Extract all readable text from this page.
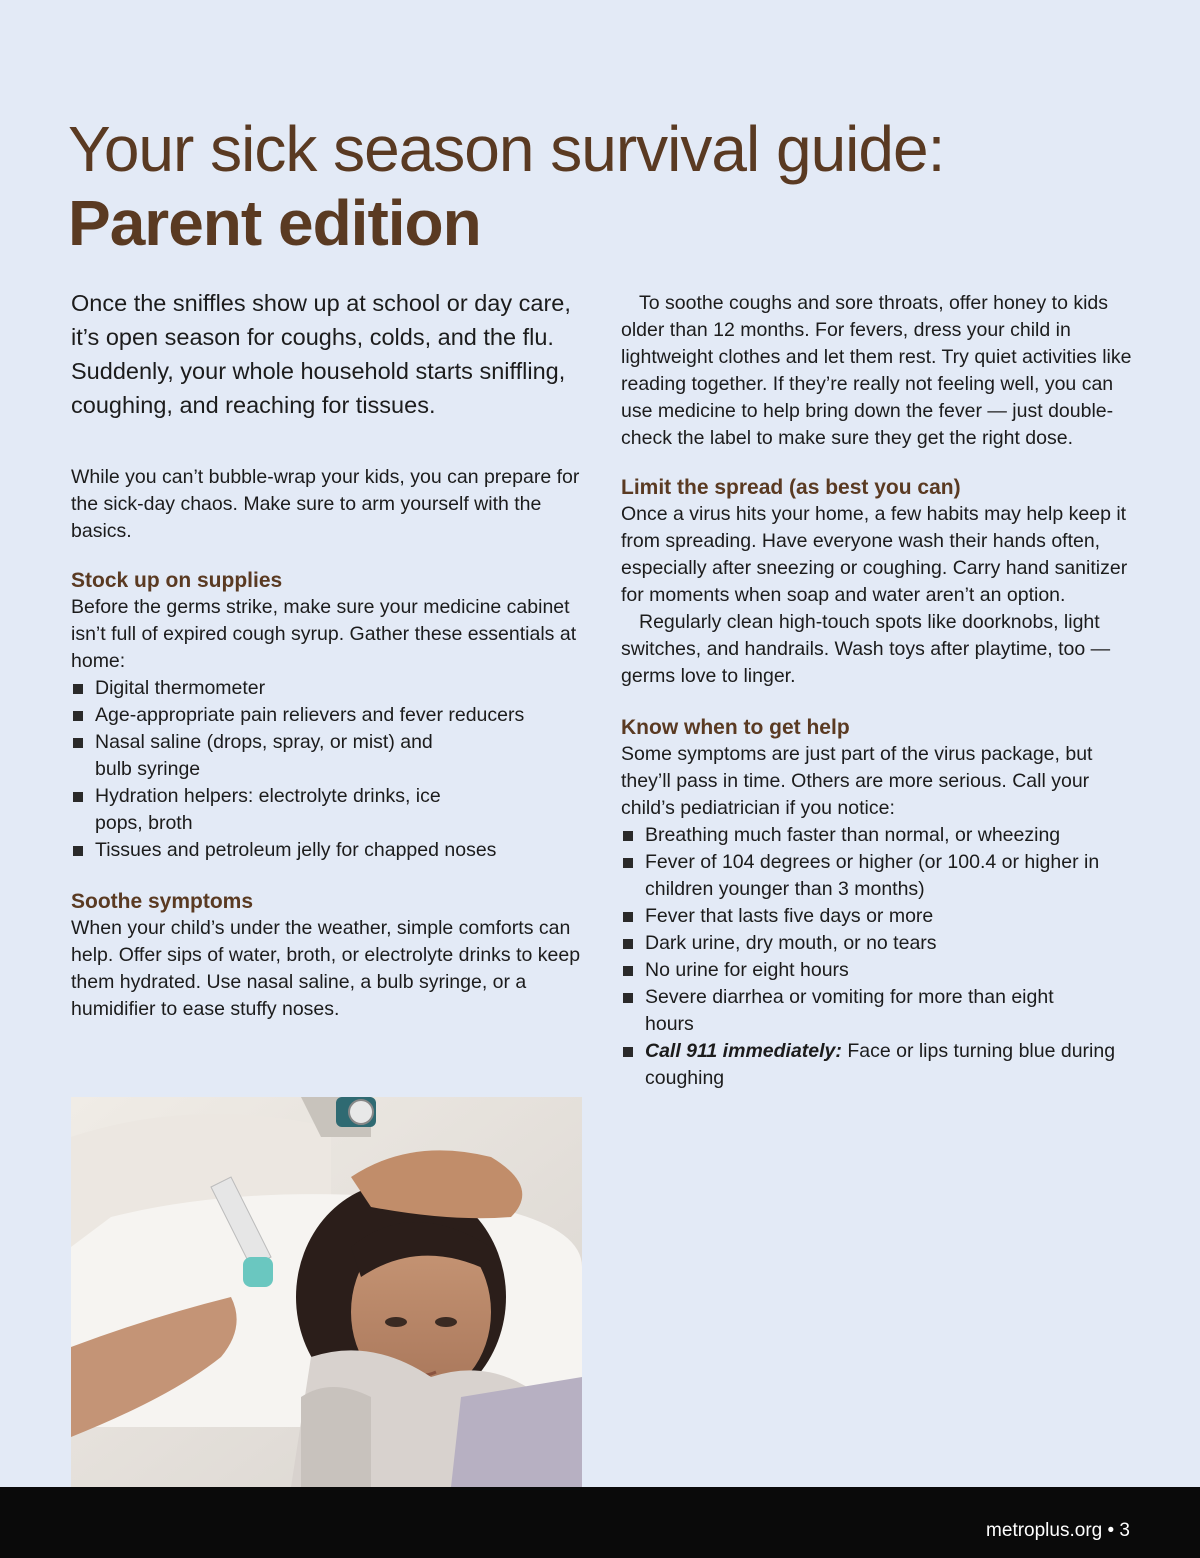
Your sick season survival guide:
Parent edition

Once the sniffles show up at school or day care, it’s open season for coughs, colds, and the flu. Suddenly, your whole household starts sniffling, coughing, and reaching for tissues.

While you can’t bubble-wrap your kids, you can prepare for the sick-day chaos. Make sure to arm yourself with the basics.

Stock up on supplies

Before the germs strike, make sure your medicine cabinet isn’t full of expired cough syrup. Gather these essentials at home:

Digital thermometer
Age-appropriate pain relievers and fever reducers
Nasal saline (drops, spray, or mist) and bulb syringe
Hydration helpers: electrolyte drinks, ice pops, broth
Tissues and petroleum jelly for chapped noses
Soothe symptoms

When your child’s under the weather, simple comforts can help. Offer sips of water, broth, or electrolyte drinks to keep them hydrated. Use nasal saline, a bulb syringe, or a humidifier to ease stuffy noses.

To soothe coughs and sore throats, offer honey to kids older than 12 months. For fevers, dress your child in lightweight clothes and let them rest. Try quiet activities like reading together. If they’re really not feeling well, you can use medicine to help bring down the fever — just double-check the label to make sure they get the right dose.

Limit the spread (as best you can)

Once a virus hits your home, a few habits may help keep it from spreading. Have everyone wash their hands often, especially after sneezing or coughing. Carry hand sanitizer for moments when soap and water aren’t an option.

Regularly clean high-touch spots like doorknobs, light switches, and handrails. Wash toys after playtime, too — germs love to linger.

Know when to get help

Some symptoms are just part of the virus package, but they’ll pass in time. Others are more serious. Call your child’s pediatrician if you notice:

Breathing much faster than normal, or wheezing
Fever of 104 degrees or higher (or 100.4 or higher in children younger than 3 months)
Fever that lasts five days or more
Dark urine, dry mouth, or no tears
No urine for eight hours
Severe diarrhea or vomiting for more than eight hours
Call 911 immediately: Face or lips turning blue during coughing
metroplus.org • 3
